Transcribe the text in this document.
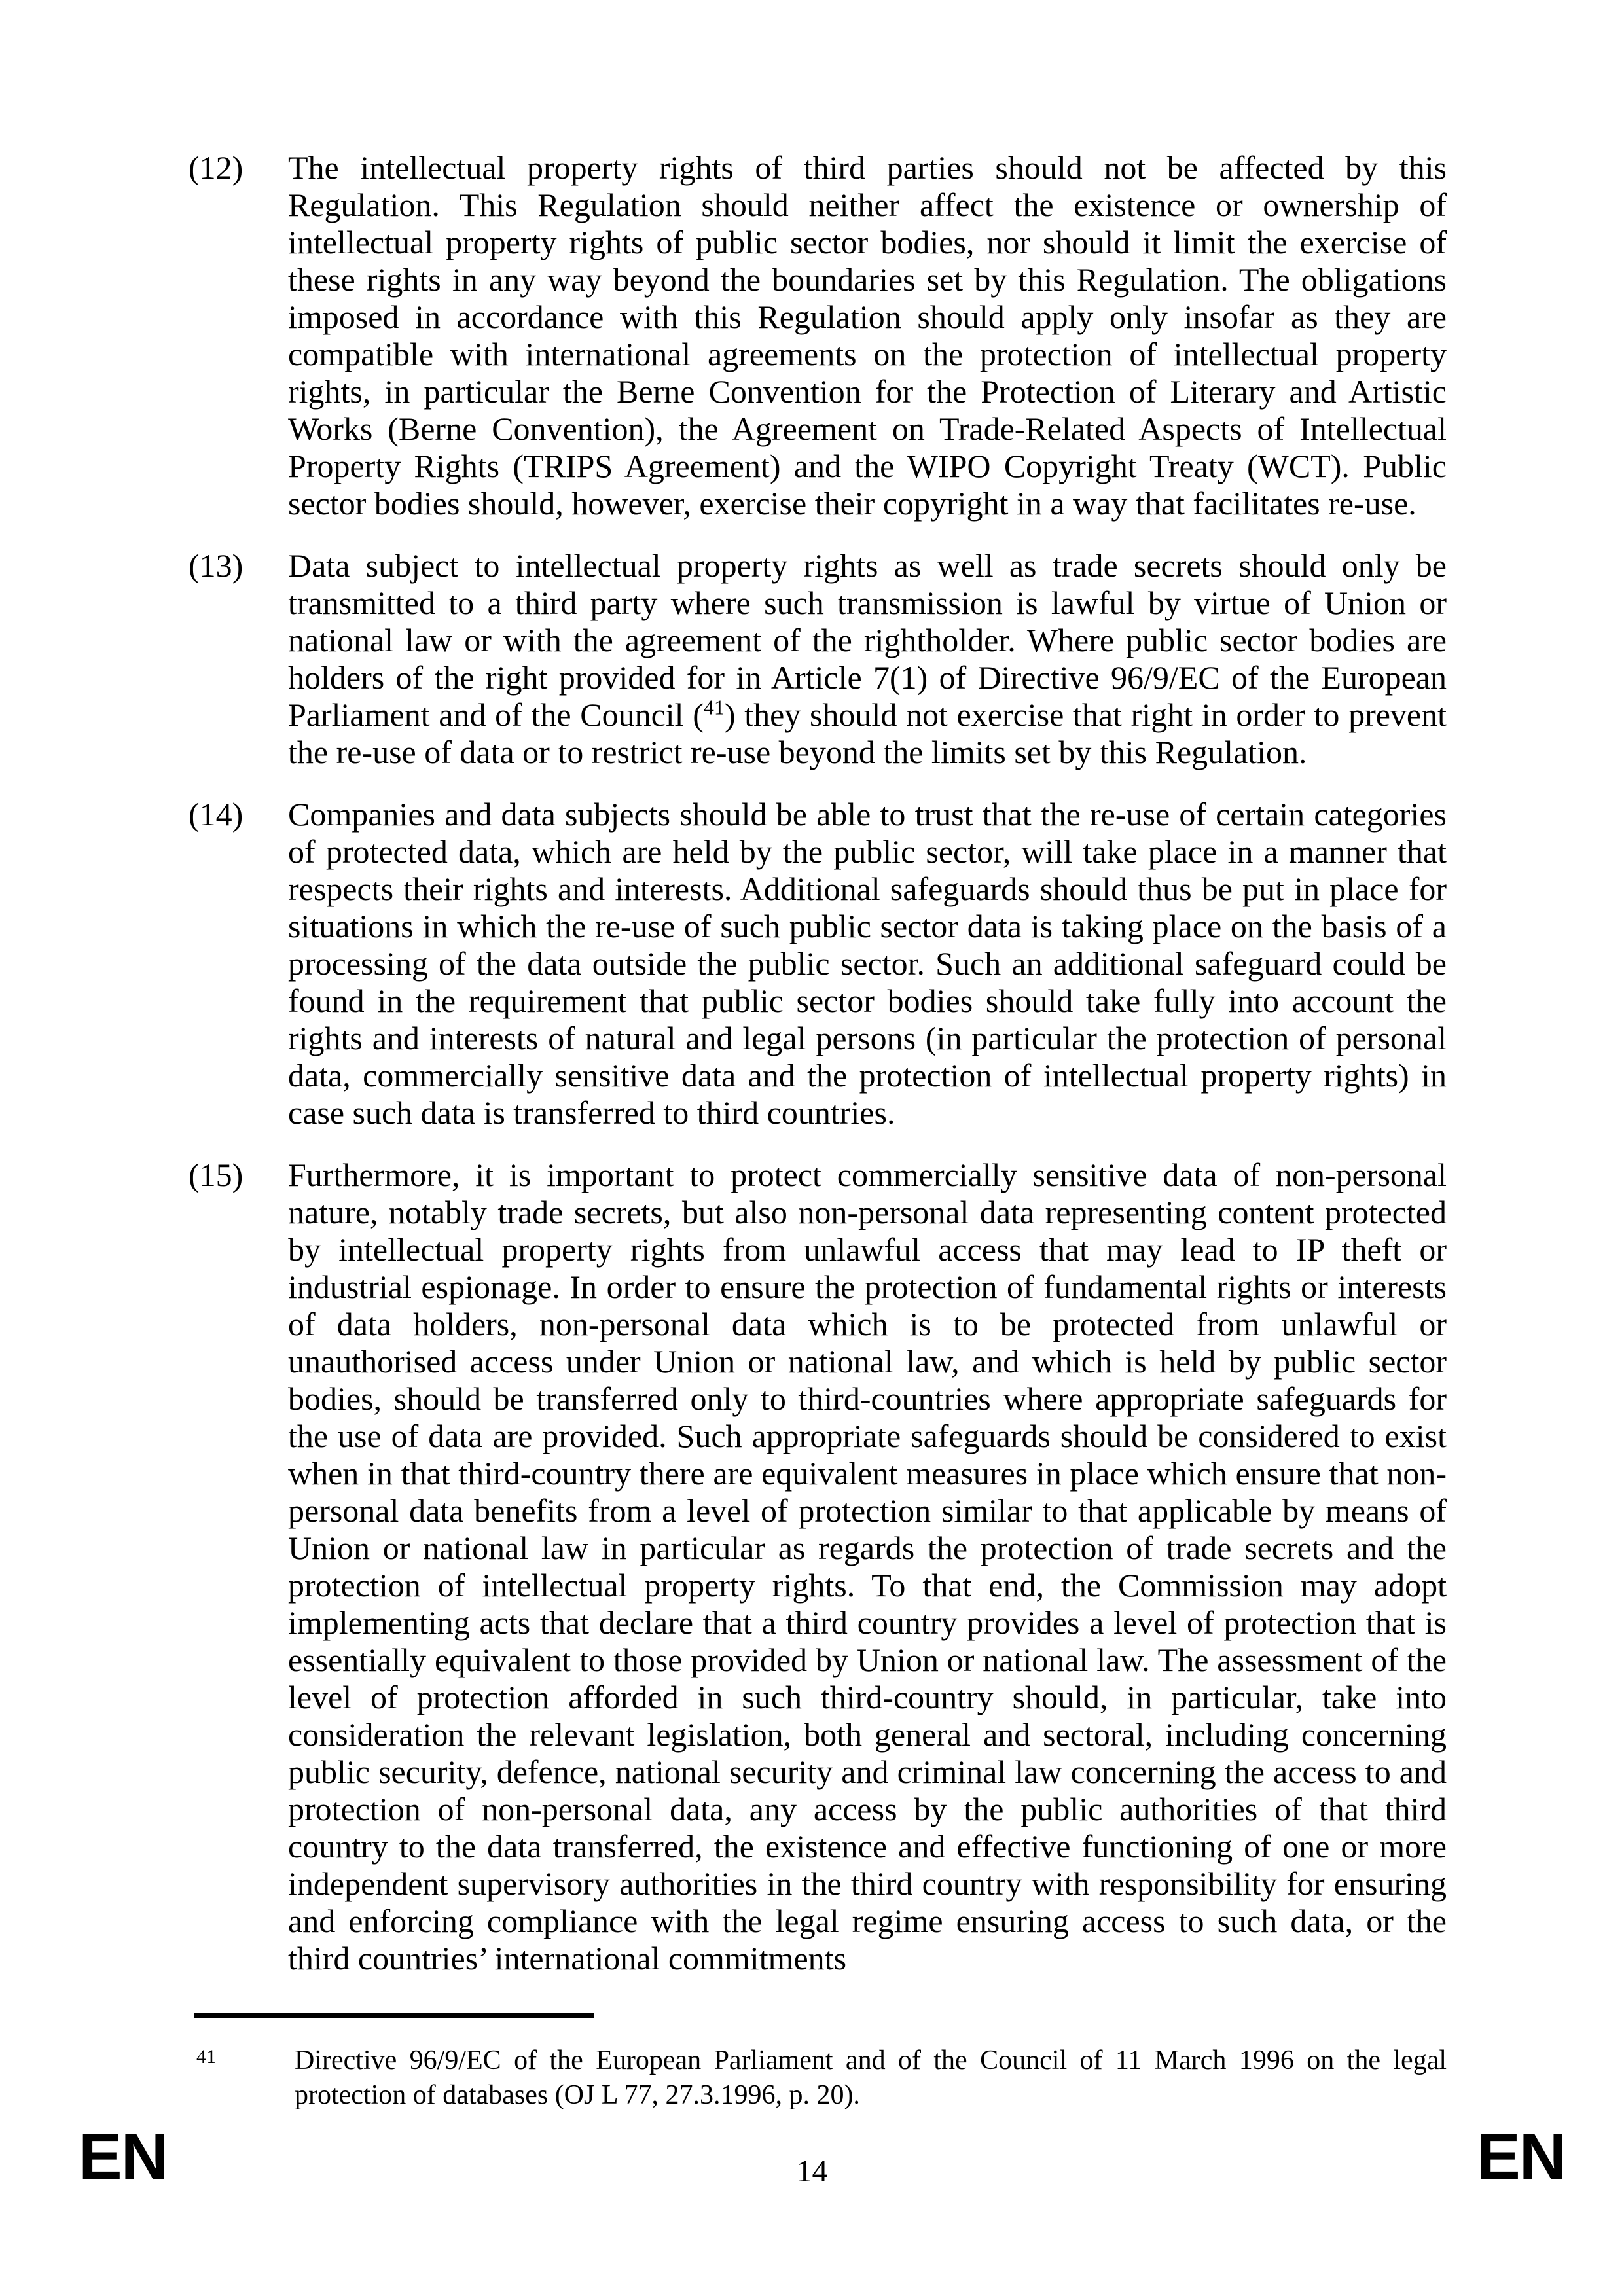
(12) The intellectual property rights of third parties should not be affected by this Regulation. This Regulation should neither affect the existence or ownership of intellectual property rights of public sector bodies, nor should it limit the exercise of these rights in any way beyond the boundaries set by this Regulation. The obligations imposed in accordance with this Regulation should apply only insofar as they are compatible with international agreements on the protection of intellectual property rights, in particular the Berne Convention for the Protection of Literary and Artistic Works (Berne Convention), the Agreement on Trade-Related Aspects of Intellectual Property Rights (TRIPS Agreement) and the WIPO Copyright Treaty (WCT). Public sector bodies should, however, exercise their copyright in a way that facilitates re-use.
(13) Data subject to intellectual property rights as well as trade secrets should only be transmitted to a third party where such transmission is lawful by virtue of Union or national law or with the agreement of the rightholder. Where public sector bodies are holders of the right provided for in Article 7(1) of Directive 96/9/EC of the European Parliament and of the Council ($^{41}$) they should not exercise that right in order to prevent the re-use of data or to restrict re-use beyond the limits set by this Regulation.
(14) Companies and data subjects should be able to trust that the re-use of certain categories of protected data, which are held by the public sector, will take place in a manner that respects their rights and interests. Additional safeguards should thus be put in place for situations in which the re-use of such public sector data is taking place on the basis of a processing of the data outside the public sector. Such an additional safeguard could be found in the requirement that public sector bodies should take fully into account the rights and interests of natural and legal persons (in particular the protection of personal data, commercially sensitive data and the protection of intellectual property rights) in case such data is transferred to third countries.
(15) Furthermore, it is important to protect commercially sensitive data of non-personal nature, notably trade secrets, but also non-personal data representing content protected by intellectual property rights from unlawful access that may lead to IP theft or industrial espionage. In order to ensure the protection of fundamental rights or interests of data holders, non-personal data which is to be protected from unlawful or unauthorised access under Union or national law, and which is held by public sector bodies, should be transferred only to third-countries where appropriate safeguards for the use of data are provided. Such appropriate safeguards should be considered to exist when in that third-country there are equivalent measures in place which ensure that non-personal data benefits from a level of protection similar to that applicable by means of Union or national law in particular as regards the protection of trade secrets and the protection of intellectual property rights. To that end, the Commission may adopt implementing acts that declare that a third country provides a level of protection that is essentially equivalent to those provided by Union or national law. The assessment of the level of protection afforded in such third-country should, in particular, take into consideration the relevant legislation, both general and sectoral, including concerning public security, defence, national security and criminal law concerning the access to and protection of non-personal data, any access by the public authorities of that third country to the data transferred, the existence and effective functioning of one or more independent supervisory authorities in the third country with responsibility for ensuring and enforcing compliance with the legal regime ensuring access to such data, or the third countries’ international commitments
41	Directive 96/9/EC of the European Parliament and of the Council of 11 March 1996 on the legal protection of databases (OJ L 77, 27.3.1996, p. 20).
EN	14	EN
